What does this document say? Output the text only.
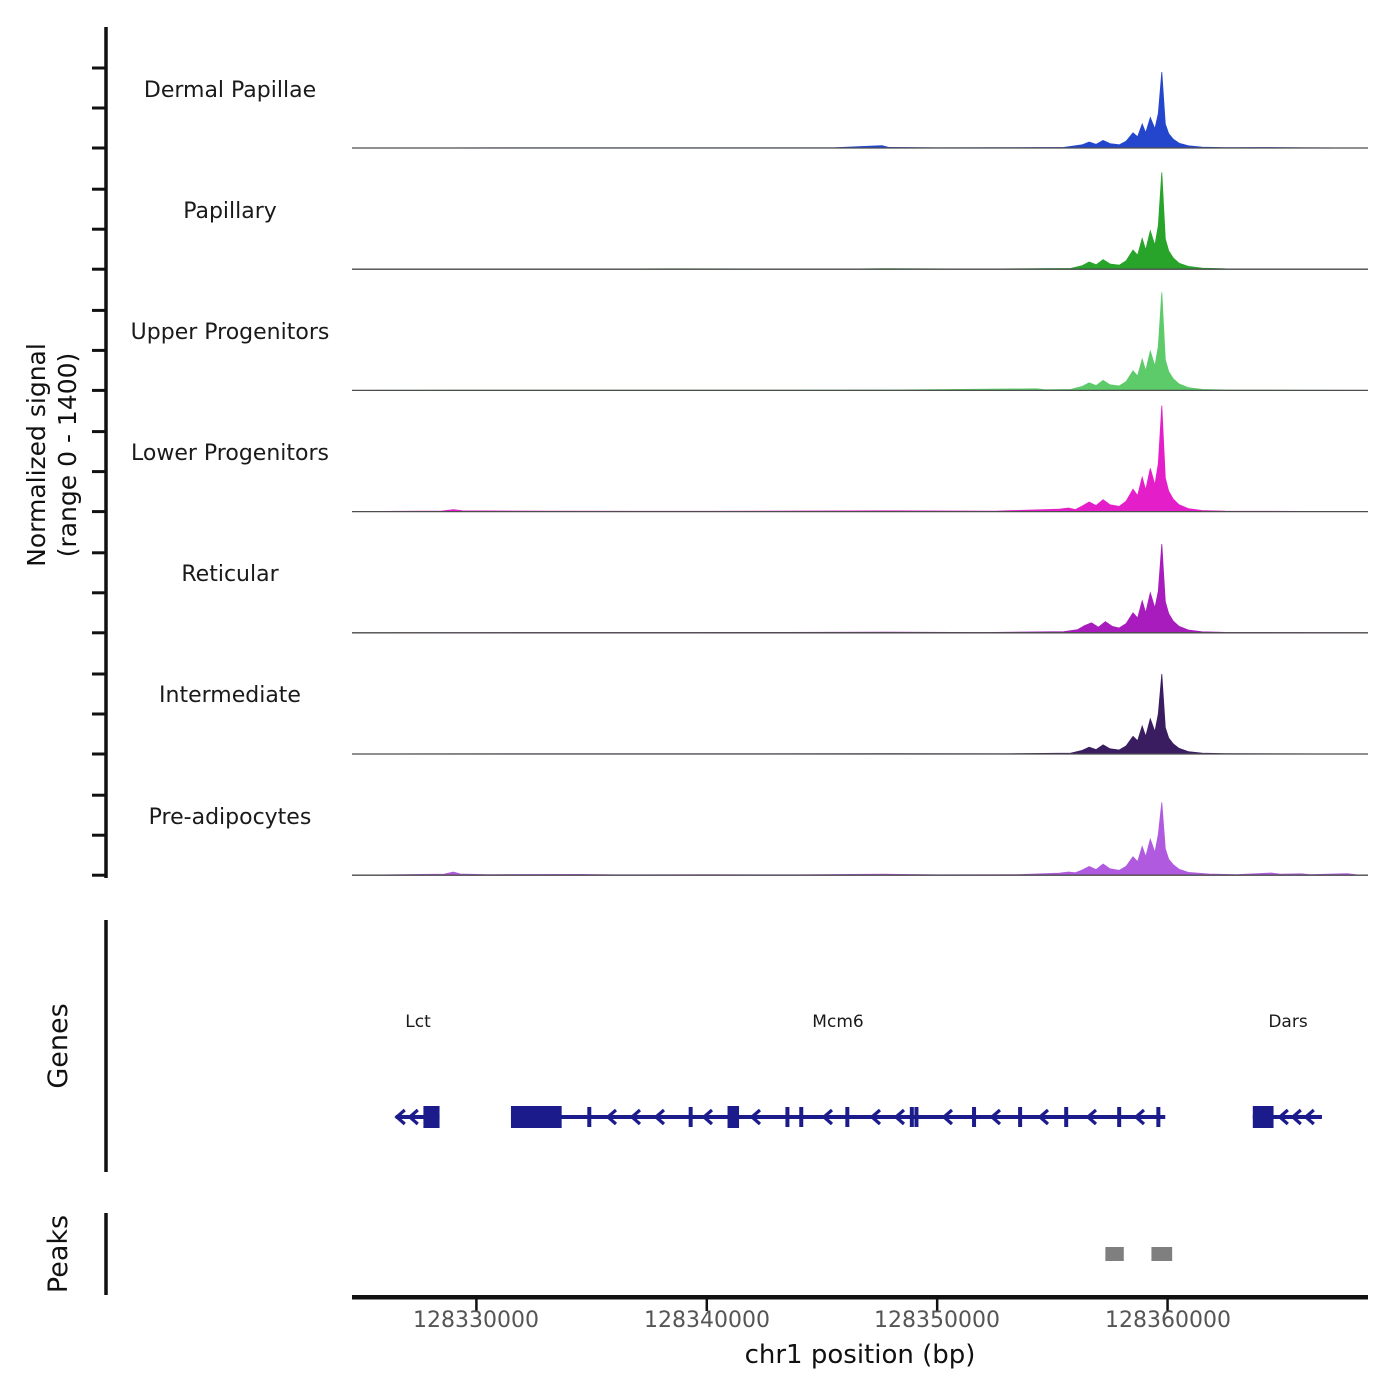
Normalized signal (range 0 - 1400)
Genes
Peaks
Dermal Papillae
Papillary
Upper Progenitors
Lower Progenitors
Reticular
Intermediate
Pre-adipocytes
Lct	Mcm6	Dars
128330000	128340000	128350000	128360000
chr1 position (bp)
